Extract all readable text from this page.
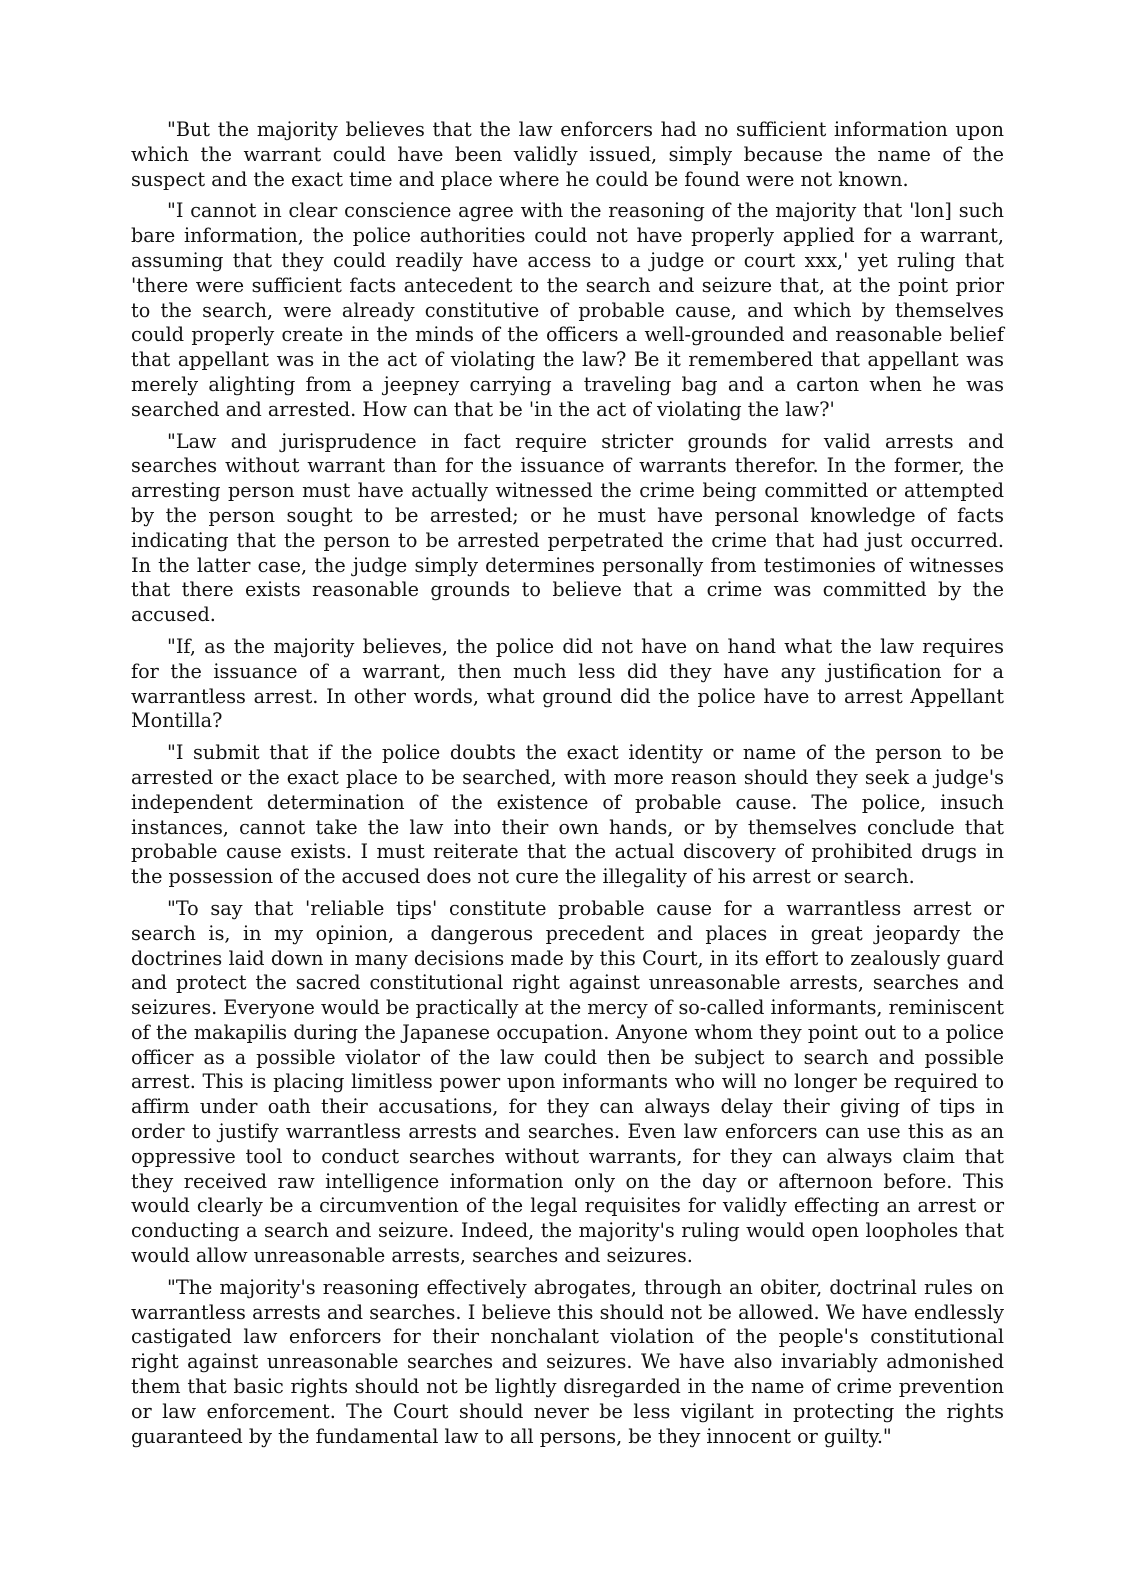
"But the majority believes that the law enforcers had no sufficient information upon which the warrant could have been validly issued, simply because the name of the suspect and the exact time and place where he could be found were not known.

"I cannot in clear conscience agree with the reasoning of the majority that 'lon] such bare information, the police authorities could not have properly applied for a warrant, assuming that they could readily have access to a judge or court xxx,' yet ruling that 'there were sufficient facts antecedent to the search and seizure that, at the point prior to the search, were already constitutive of probable cause, and which by themselves could properly create in the minds of the officers a well-grounded and reasonable belief that appellant was in the act of violating the law? Be it remembered that appellant was merely alighting from a jeepney carrying a traveling bag and a carton when he was searched and arrested. How can that be 'in the act of violating the law?'

"Law and jurisprudence in fact require stricter grounds for valid arrests and searches without warrant than for the issuance of warrants therefor. In the former, the arresting person must have actually witnessed the crime being committed or attempted by the person sought to be arrested; or he must have personal knowledge of facts indicating that the person to be arrested perpetrated the crime that had just occurred. In the latter case, the judge simply determines personally from testimonies of witnesses that there exists reasonable grounds to believe that a crime was committed by the accused.

"If, as the majority believes, the police did not have on hand what the law requires for the issuance of a warrant, then much less did they have any justification for a warrantless arrest. In other words, what ground did the police have to arrest Appellant Montilla?

"I submit that if the police doubts the exact identity or name of the person to be arrested or the exact place to be searched, with more reason should they seek a judge's independent determination of the existence of probable cause. The police, insuch instances, cannot take the law into their own hands, or by themselves conclude that probable cause exists. I must reiterate that the actual discovery of prohibited drugs in the possession of the accused does not cure the illegality of his arrest or search.

"To say that 'reliable tips' constitute probable cause for a warrantless arrest or search is, in my opinion, a dangerous precedent and places in great jeopardy the doctrines laid down in many decisions made by this Court, in its effort to zealously guard and protect the sacred constitutional right against unreasonable arrests, searches and seizures. Everyone would be practically at the mercy of so-called informants, reminiscent of the makapilis during the Japanese occupation. Anyone whom they point out to a police officer as a possible violator of the law could then be subject to search and possible arrest. This is placing limitless power upon informants who will no longer be required to affirm under oath their accusations, for they can always delay their giving of tips in order to justify warrantless arrests and searches. Even law enforcers can use this as an oppressive tool to conduct searches without warrants, for they can always claim that they received raw intelligence information only on the day or afternoon before. This would clearly be a circumvention of the legal requisites for validly effecting an arrest or conducting a search and seizure. Indeed, the majority's ruling would open loopholes that would allow unreasonable arrests, searches and seizures.

"The majority's reasoning effectively abrogates, through an obiter, doctrinal rules on warrantless arrests and searches. I believe this should not be allowed. We have endlessly castigated law enforcers for their nonchalant violation of the people's constitutional right against unreasonable searches and seizures. We have also invariably admonished them that basic rights should not be lightly disregarded in the name of crime prevention or law enforcement. The Court should never be less vigilant in protecting the rights guaranteed by the fundamental law to all persons, be they innocent or guilty."
